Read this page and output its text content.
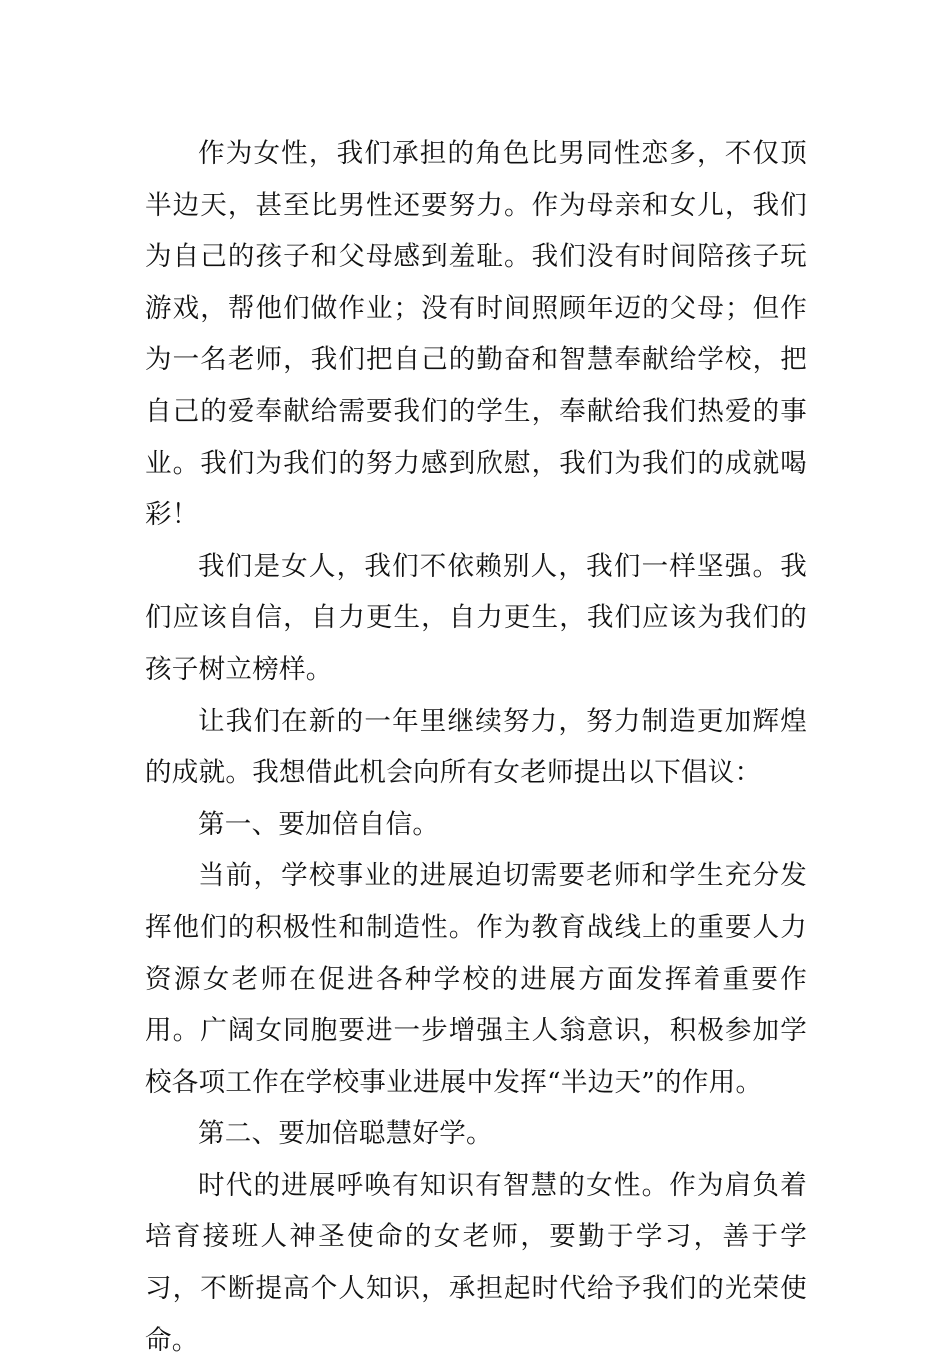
作为女性，我们承担的角色比男同性恋多，不仅顶半边天，甚至比男性还要努力。作为母亲和女儿，我们为自己的孩子和父母感到羞耻。我们没有时间陪孩子玩游戏，帮他们做作业；没有时间照顾年迈的父母；但作为一名老师，我们把自己的勤奋和智慧奉献给学校，把自己的爱奉献给需要我们的学生，奉献给我们热爱的事业。我们为我们的努力感到欣慰，我们为我们的成就喝彩！

我们是女人，我们不依赖别人，我们一样坚强。我们应该自信，自力更生，自力更生，我们应该为我们的孩子树立榜样。

让我们在新的一年里继续努力，努力制造更加辉煌的成就。我想借此机会向所有女老师提出以下倡议：

第一、要加倍自信。

当前，学校事业的进展迫切需要老师和学生充分发挥他们的积极性和制造性。作为教育战线上的重要人力资源女老师在促进各种学校的进展方面发挥着重要作用。广阔女同胞要进一步增强主人翁意识，积极参加学校各项工作在学校事业进展中发挥“半边天”的作用。

第二、要加倍聪慧好学。

时代的进展呼唤有知识有智慧的女性。作为肩负着培育接班人神圣使命的女老师，要勤于学习，善于学习，不断提高个人知识，承担起时代给予我们的光荣使命。
